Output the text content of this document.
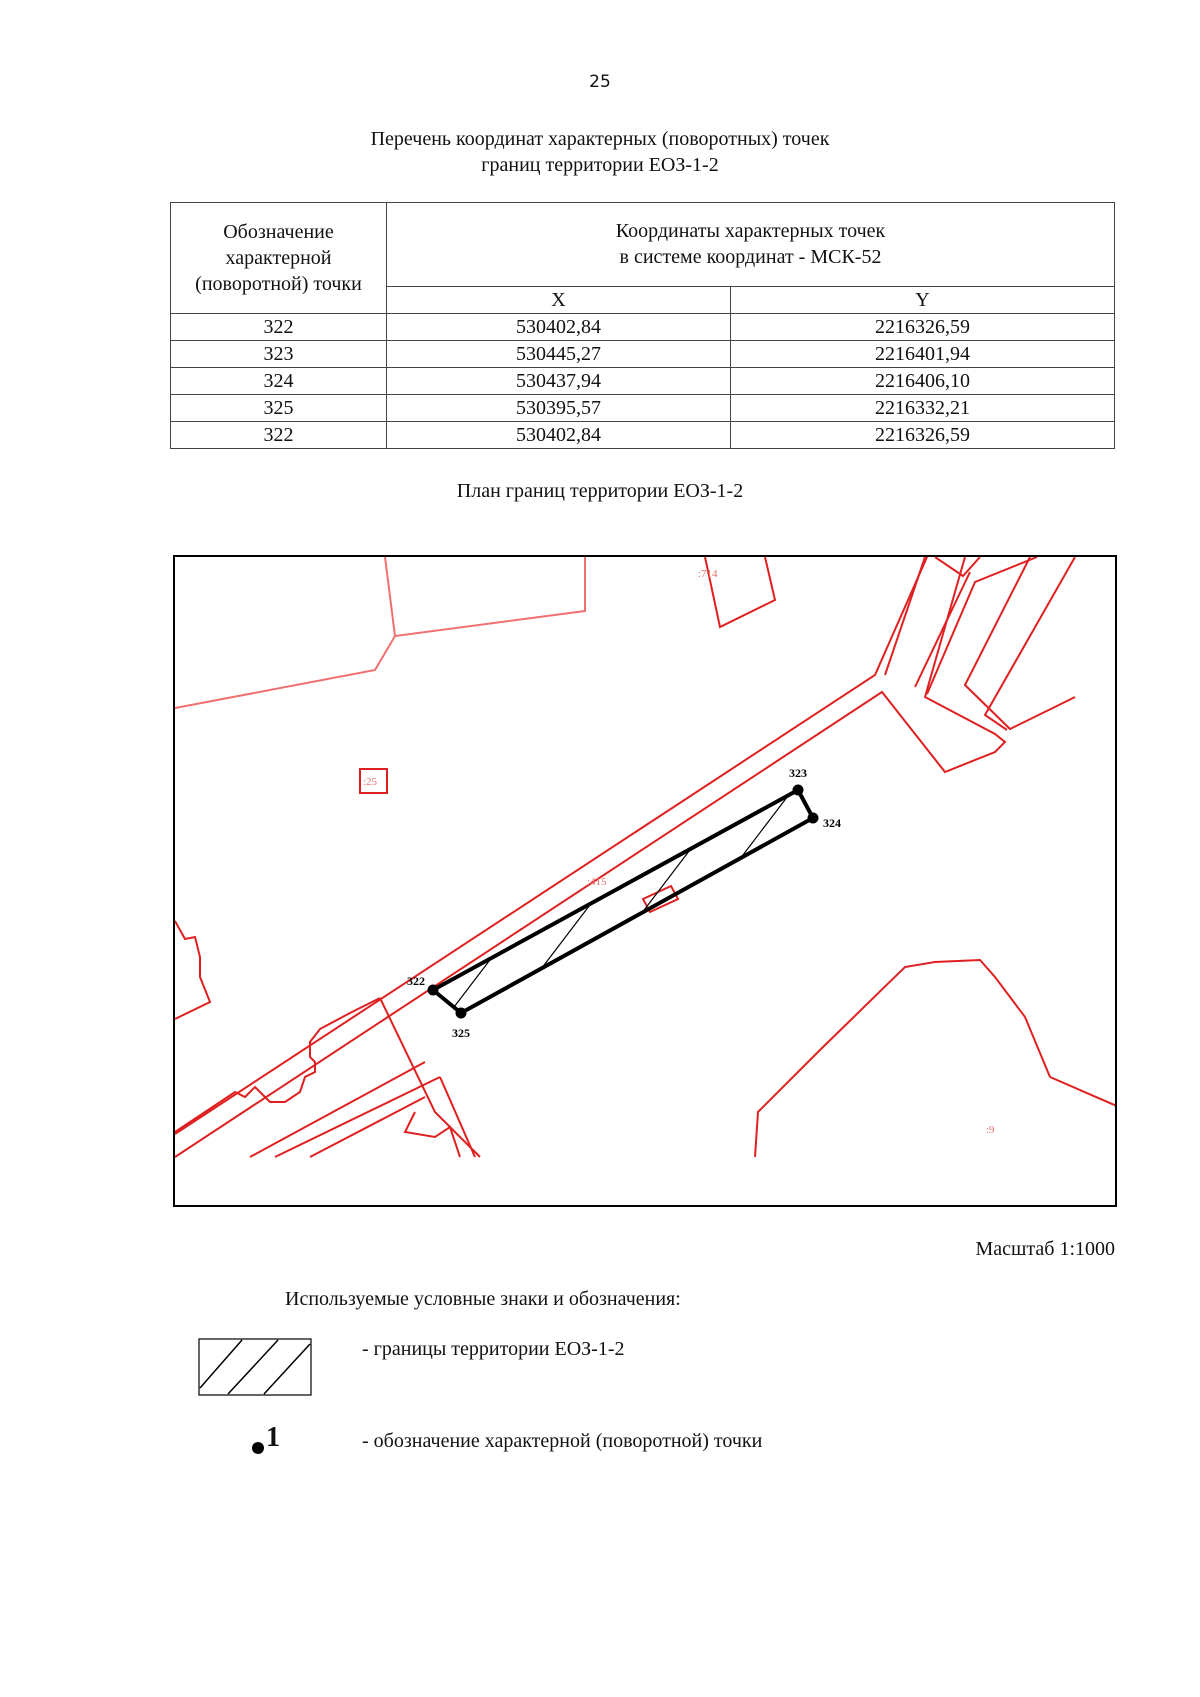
25
Перечень координат характерных (поворотных) точек
границ территории ЕОЗ-1-2
Обозначение
характерной
(поворотной) точки	Координаты характерных точек
в системе координат - МСК-52	
	X	Y
322	530402,84	2216326,59
323	530445,27	2216401,94
324	530437,94	2216406,10
325	530395,57	2216332,21
322	530402,84	2216326,59
План границ территории ЕОЗ-1-2
:714
:25
:415
:9
322
323
324
325
Масштаб 1:1000
Используемые условные знаки и обозначения:
- границы территории ЕОЗ-1-2
1	- обозначение характерной (поворотной) точки
